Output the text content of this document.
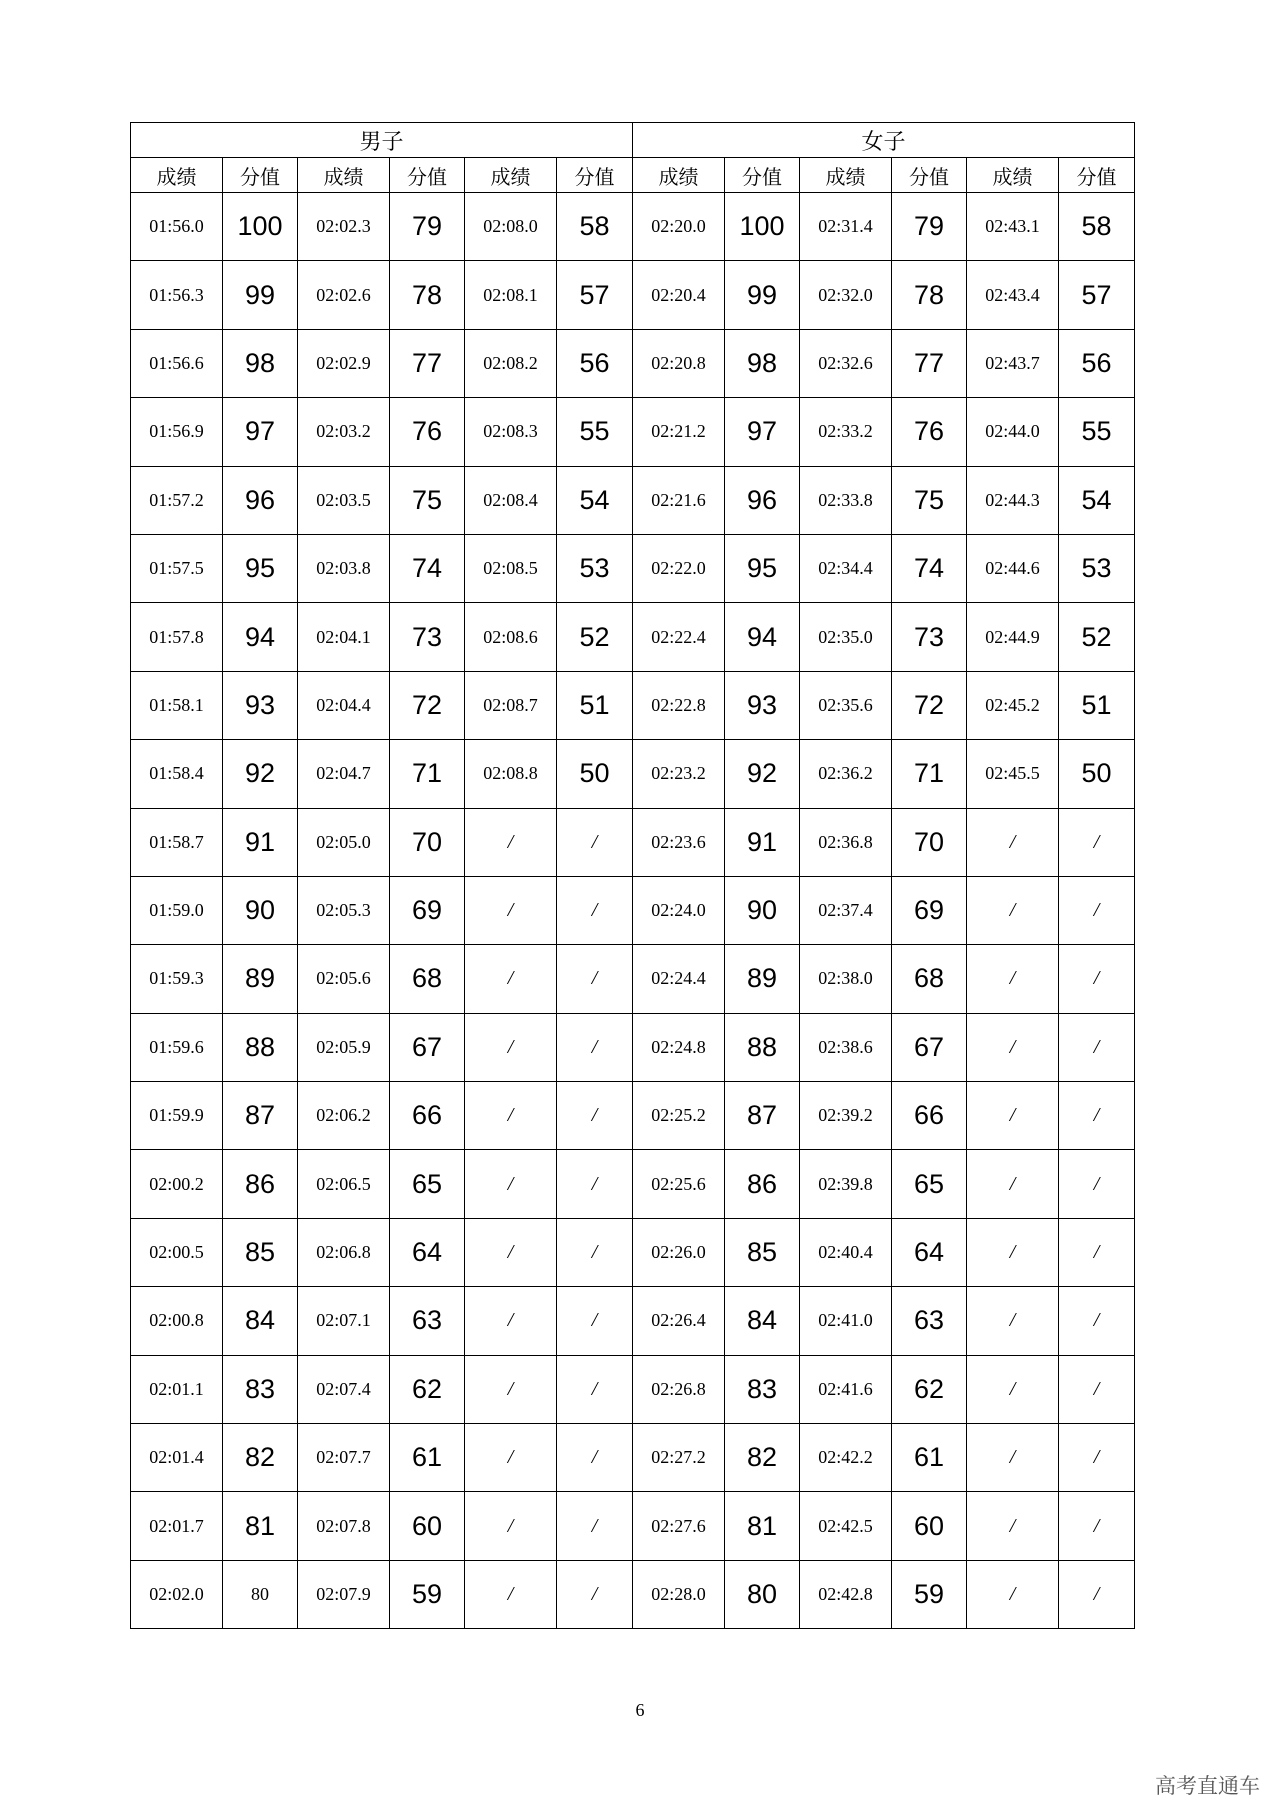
男子						女子					
成绩	分值	成绩	分值	成绩	分值	成绩	分值	成绩	分值	成绩	分值
01:56.0	100	02:02.3	79	02:08.0	58	02:20.0	100	02:31.4	79	02:43.1	58
01:56.3	99	02:02.6	78	02:08.1	57	02:20.4	99	02:32.0	78	02:43.4	57
01:56.6	98	02:02.9	77	02:08.2	56	02:20.8	98	02:32.6	77	02:43.7	56
01:56.9	97	02:03.2	76	02:08.3	55	02:21.2	97	02:33.2	76	02:44.0	55
01:57.2	96	02:03.5	75	02:08.4	54	02:21.6	96	02:33.8	75	02:44.3	54
01:57.5	95	02:03.8	74	02:08.5	53	02:22.0	95	02:34.4	74	02:44.6	53
01:57.8	94	02:04.1	73	02:08.6	52	02:22.4	94	02:35.0	73	02:44.9	52
01:58.1	93	02:04.4	72	02:08.7	51	02:22.8	93	02:35.6	72	02:45.2	51
01:58.4	92	02:04.7	71	02:08.8	50	02:23.2	92	02:36.2	71	02:45.5	50
01:58.7	91	02:05.0	70	/	/	02:23.6	91	02:36.8	70	/	/
01:59.0	90	02:05.3	69	/	/	02:24.0	90	02:37.4	69	/	/
01:59.3	89	02:05.6	68	/	/	02:24.4	89	02:38.0	68	/	/
01:59.6	88	02:05.9	67	/	/	02:24.8	88	02:38.6	67	/	/
01:59.9	87	02:06.2	66	/	/	02:25.2	87	02:39.2	66	/	/
02:00.2	86	02:06.5	65	/	/	02:25.6	86	02:39.8	65	/	/
02:00.5	85	02:06.8	64	/	/	02:26.0	85	02:40.4	64	/	/
02:00.8	84	02:07.1	63	/	/	02:26.4	84	02:41.0	63	/	/
02:01.1	83	02:07.4	62	/	/	02:26.8	83	02:41.6	62	/	/
02:01.4	82	02:07.7	61	/	/	02:27.2	82	02:42.2	61	/	/
02:01.7	81	02:07.8	60	/	/	02:27.6	81	02:42.5	60	/	/
02:02.0	80	02:07.9	59	/	/	02:28.0	80	02:42.8	59	/	/
6
高考直通车
